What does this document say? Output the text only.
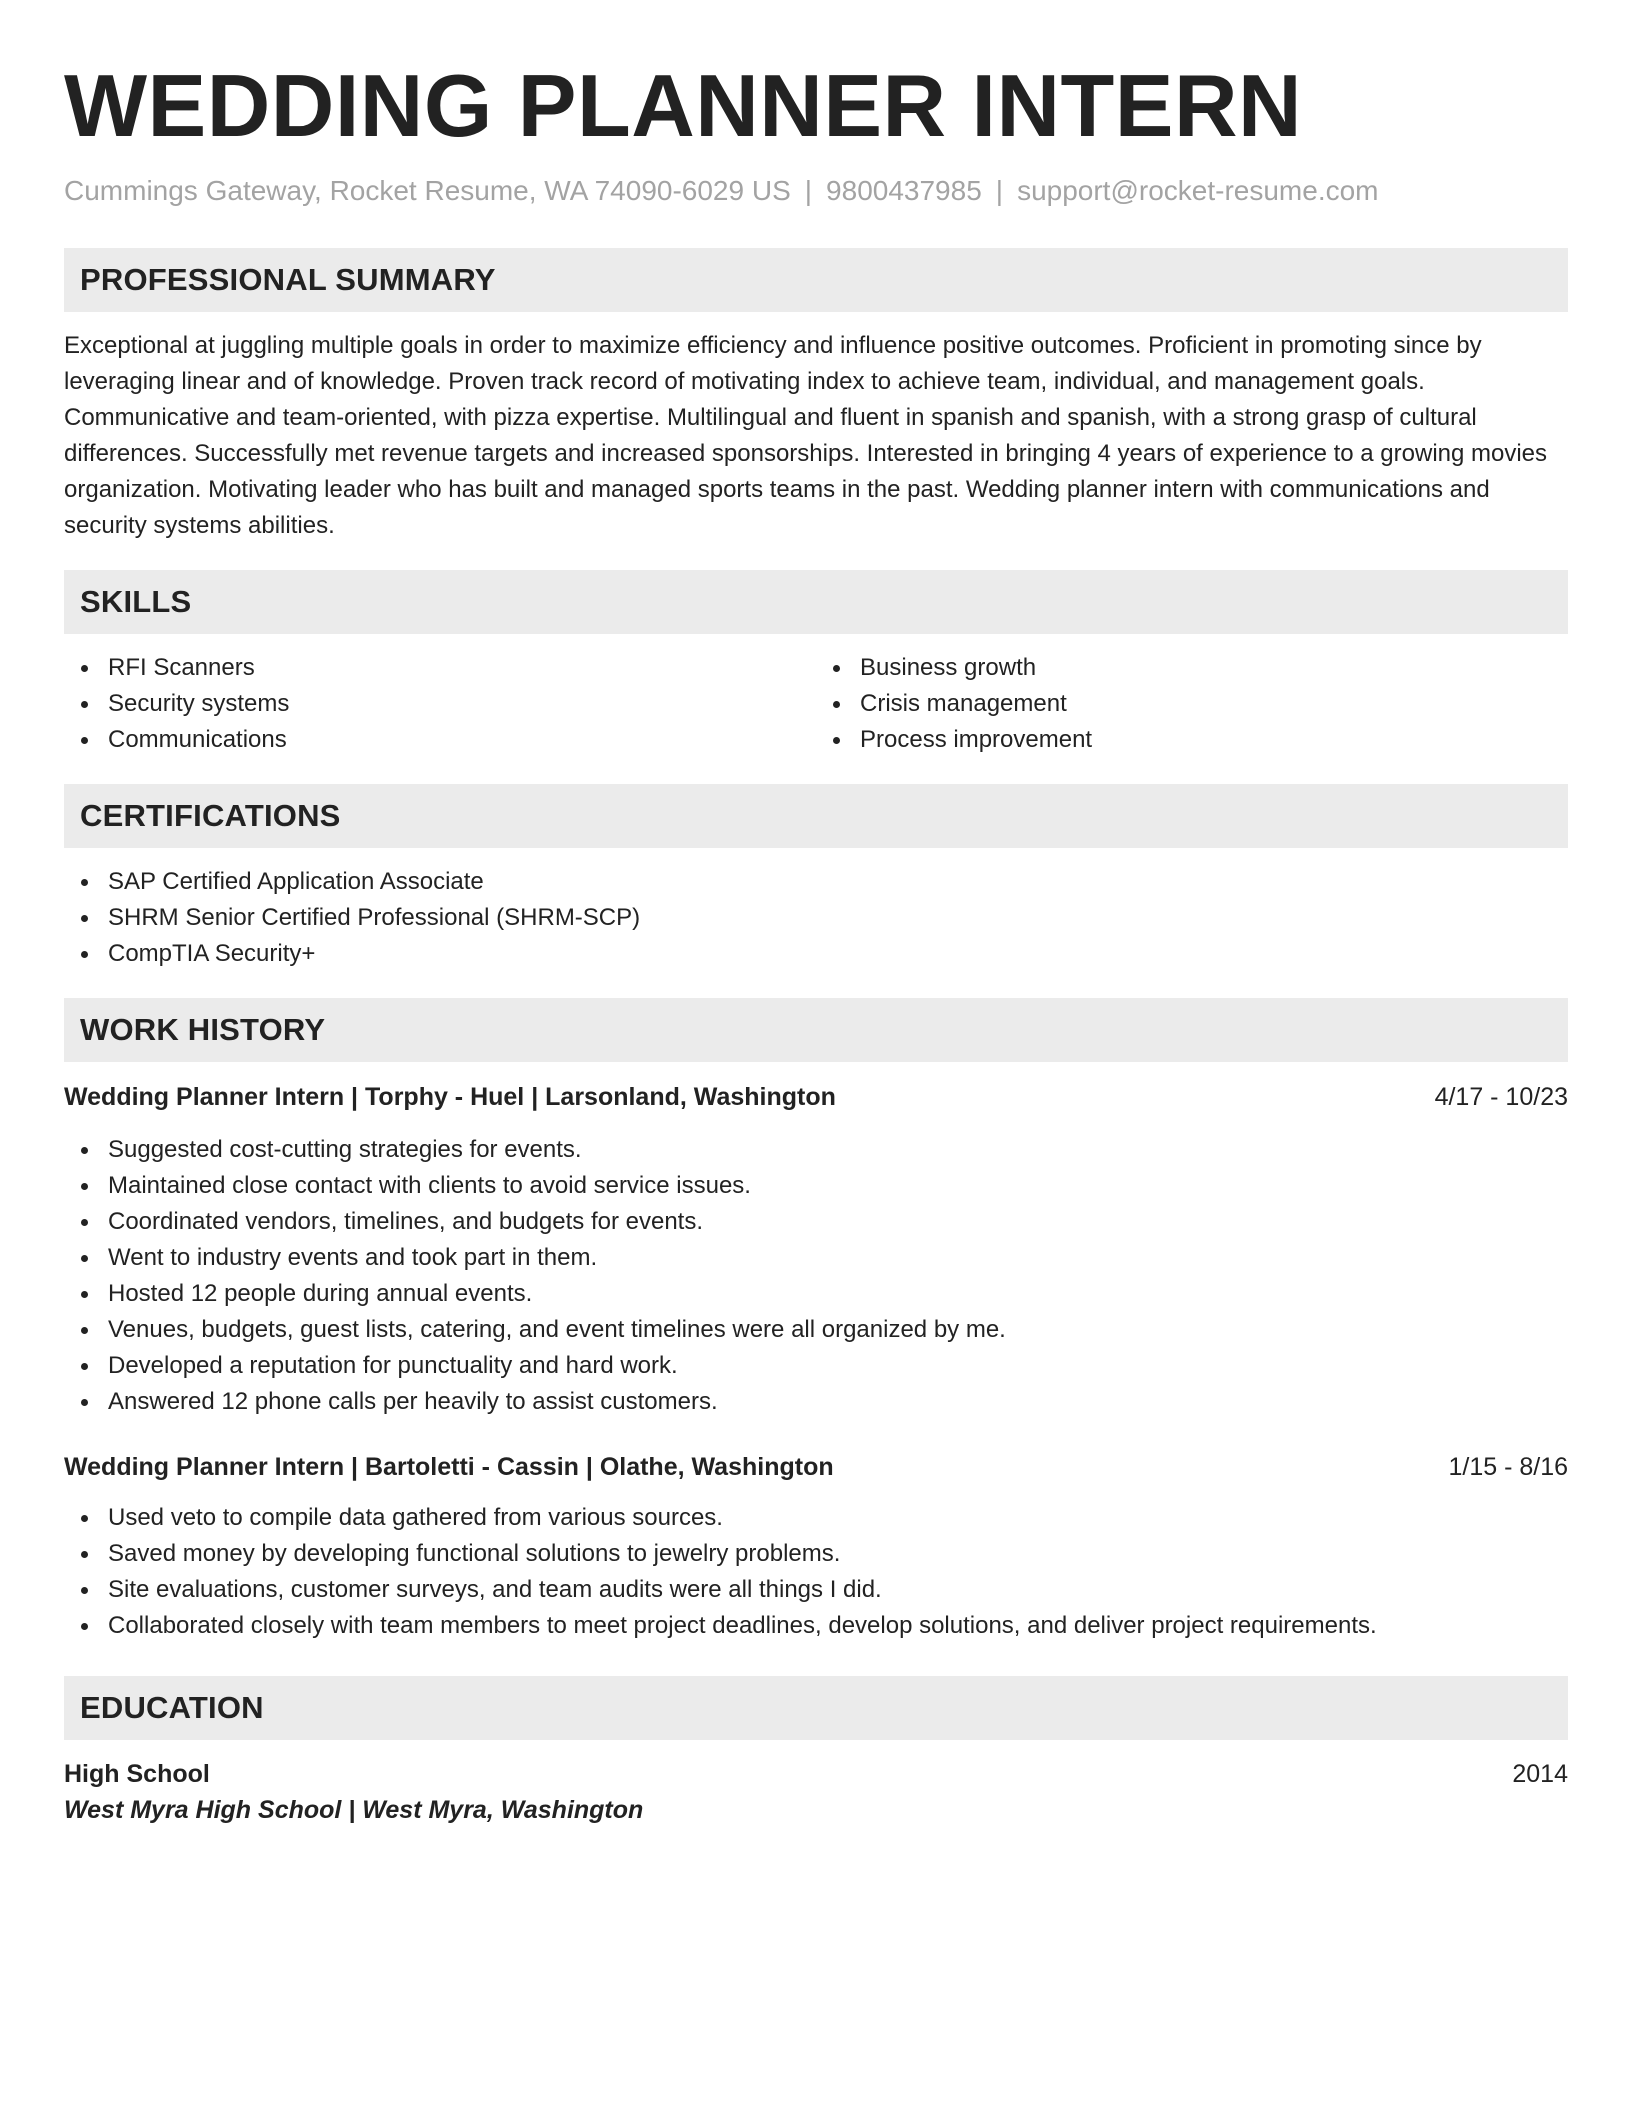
WEDDING PLANNER INTERN
Cummings Gateway, Rocket Resume, WA 74090-6029 US | 9800437985 | support@rocket-resume.com
PROFESSIONAL SUMMARY

Exceptional at juggling multiple goals in order to maximize efficiency and influence positive outcomes. Proficient in promoting since by leveraging linear and of knowledge. Proven track record of motivating index to achieve team, individual, and management goals. Communicative and team-oriented, with pizza expertise. Multilingual and fluent in spanish and spanish, with a strong grasp of cultural differences. Successfully met revenue targets and increased sponsorships. Interested in bringing 4 years of experience to a growing movies organization. Motivating leader who has built and managed sports teams in the past. Wedding planner intern with communications and security systems abilities.

SKILLS
RFI Scanners
Security systems
Communications
Business growth
Crisis management
Process improvement
CERTIFICATIONS
SAP Certified Application Associate
SHRM Senior Certified Professional (SHRM-SCP)
CompTIA Security+
WORK HISTORY
Wedding Planner Intern | Torphy - Huel | Larsonland, Washington	4/17 - 10/23
Suggested cost-cutting strategies for events.
Maintained close contact with clients to avoid service issues.
Coordinated vendors, timelines, and budgets for events.
Went to industry events and took part in them.
Hosted 12 people during annual events.
Venues, budgets, guest lists, catering, and event timelines were all organized by me.
Developed a reputation for punctuality and hard work.
Answered 12 phone calls per heavily to assist customers.
Wedding Planner Intern | Bartoletti - Cassin | Olathe, Washington	1/15 - 8/16
Used veto to compile data gathered from various sources.
Saved money by developing functional solutions to jewelry problems.
Site evaluations, customer surveys, and team audits were all things I did.
Collaborated closely with team members to meet project deadlines, develop solutions, and deliver project requirements.
EDUCATION
High School	2014
West Myra High School | West Myra, Washington
